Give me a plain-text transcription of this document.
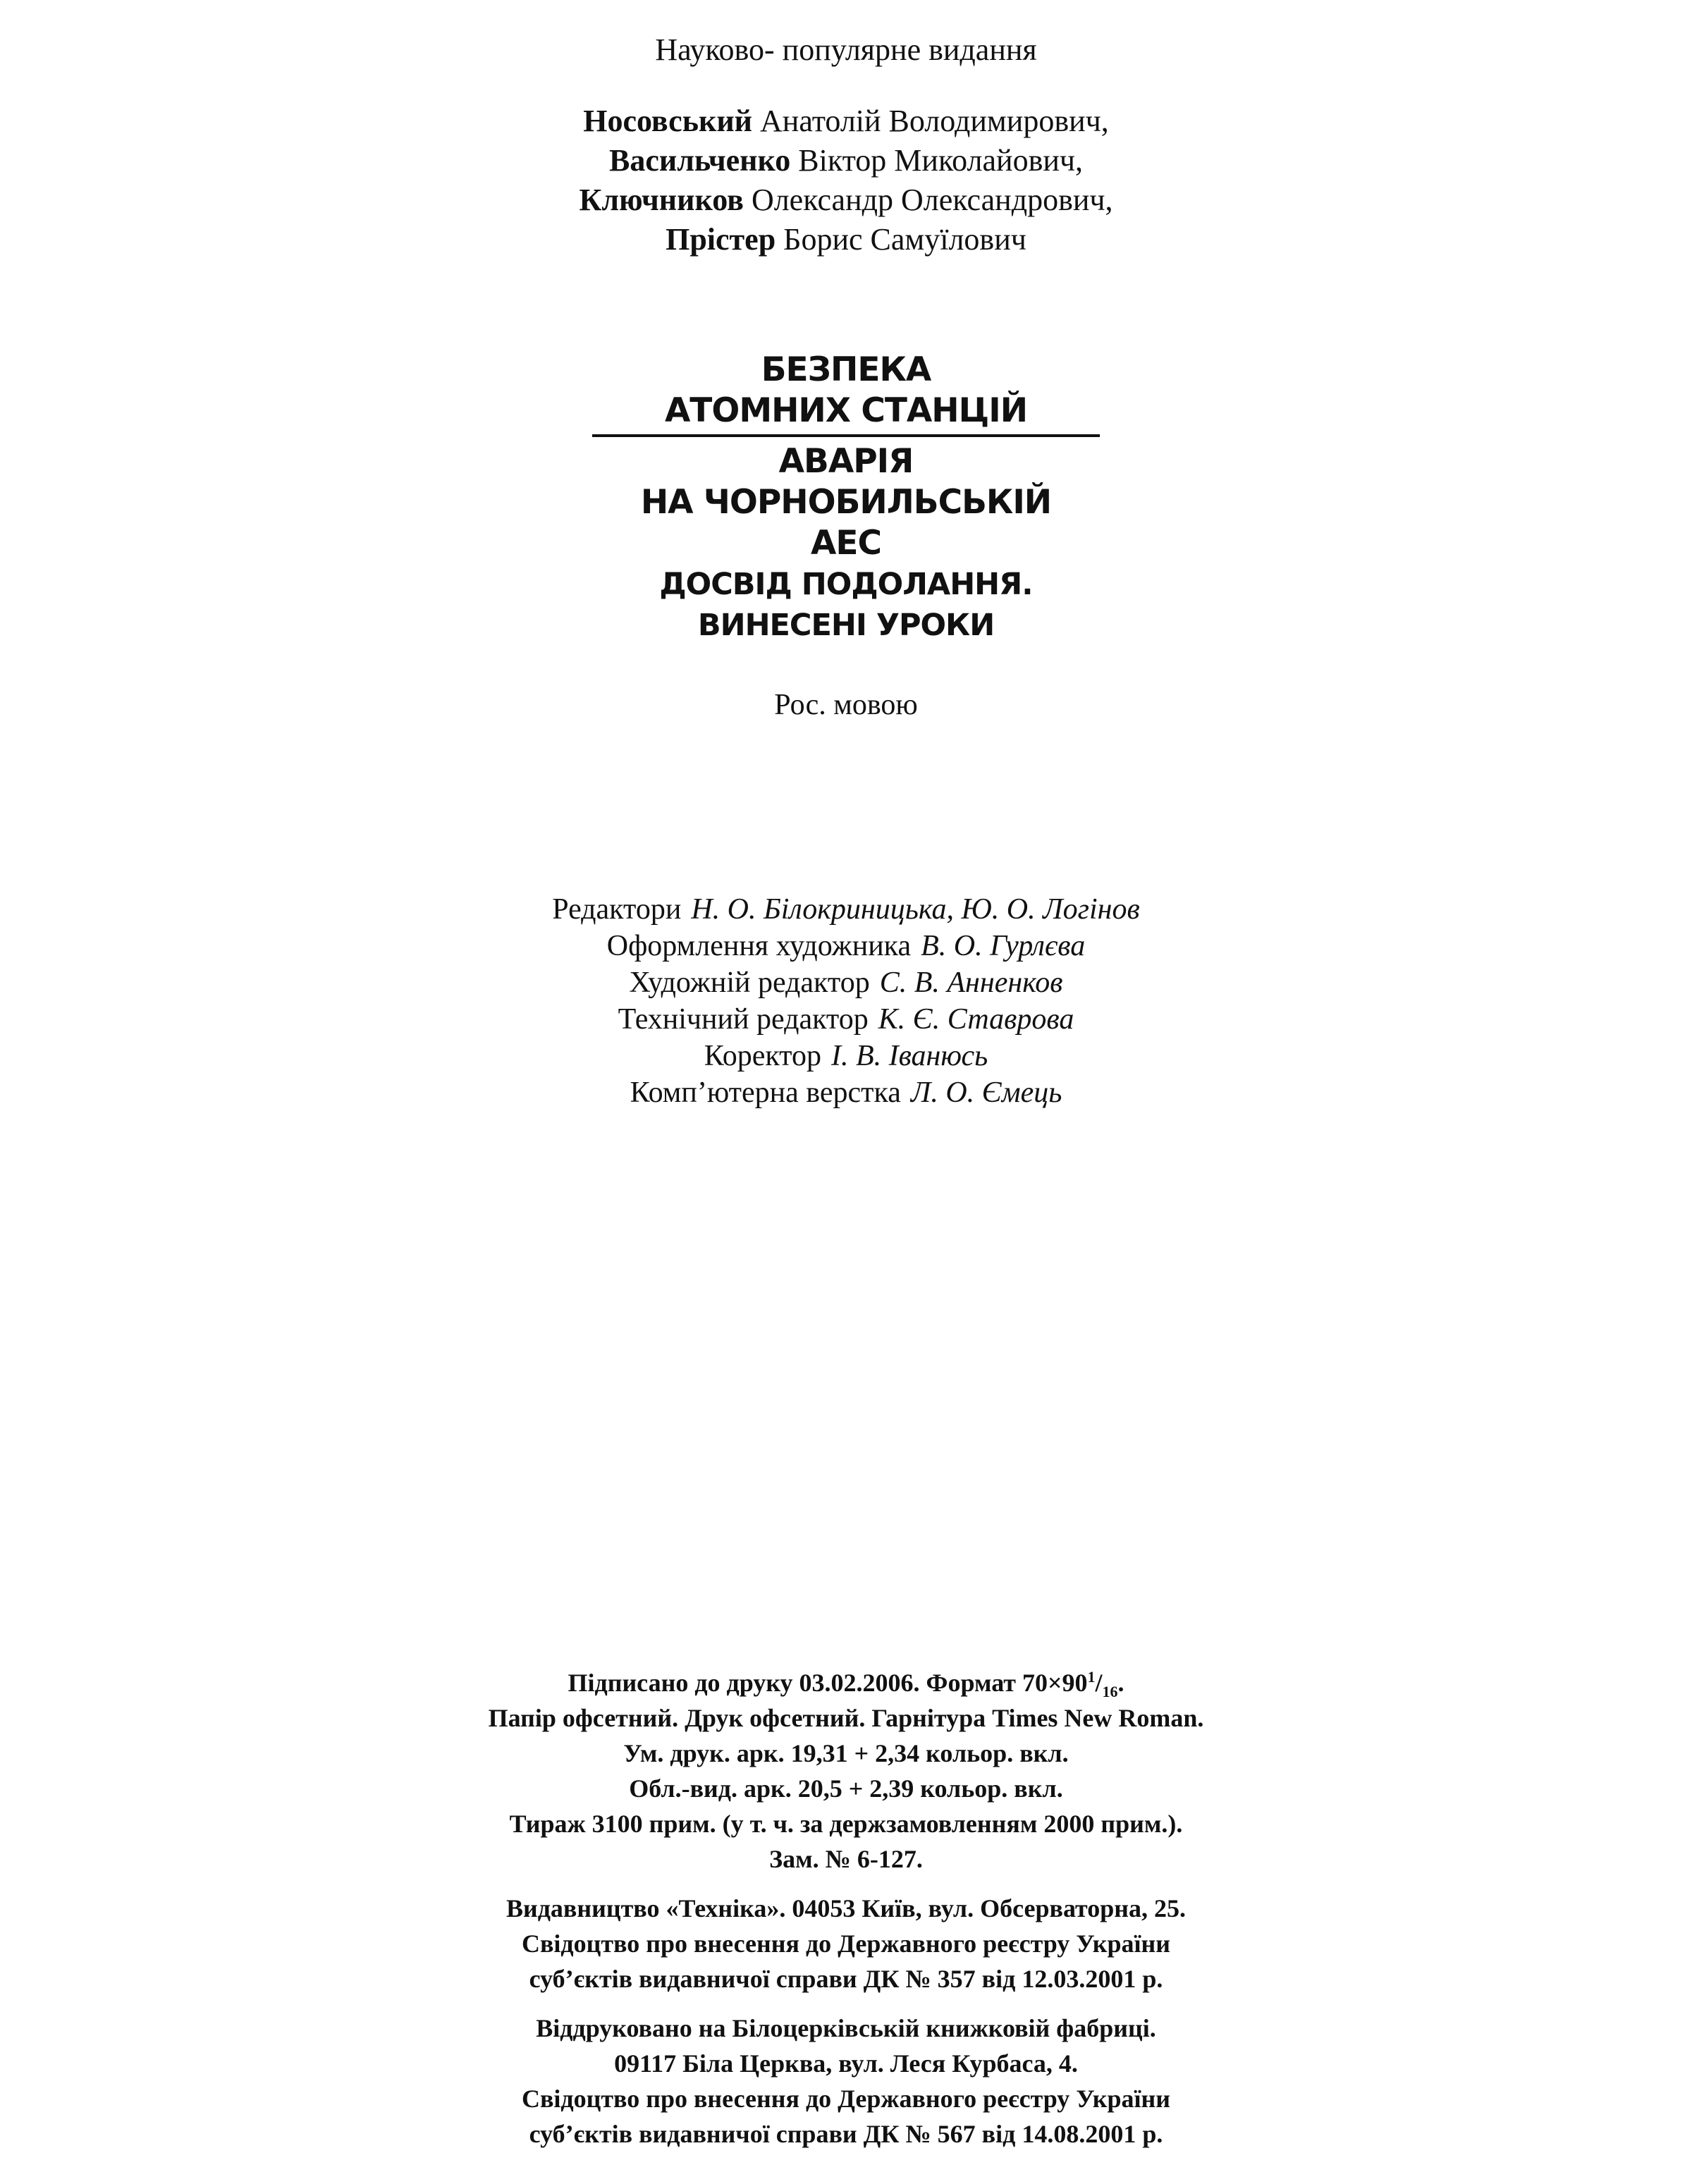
Науково- популярне видання
Носовський Анатолій Володимирович,
Васильченко Віктор Миколайович,
Ключников Олександр Олександрович,
Прістер Борис Самуїлович
БЕЗПЕКА
АТОМНИХ СТАНЦІЙ
АВАРІЯ
НА ЧОРНОБИЛЬСЬКІЙ
АЕС
ДОСВІД ПОДОЛАННЯ.
ВИНЕСЕНІ УРОКИ
Рос. мовою
Редактори Н. О. Білокриницька, Ю. О. Логінов
Оформлення художника В. О. Гурлєва
Художній редактор С. В. Анненков
Технічний редактор К. Є. Ставрова
Коректор І. В. Іванюсь
Комп’ютерна верстка Л. О. Ємець
Підписано до друку 03.02.2006. Формат $70\times 90^1/_{16}$.
Папір офсетний. Друк офсетний. Гарнітура Times New Roman.
Ум. друк. арк. 19,31 + 2,34 кольор. вкл.
Обл.-вид. арк. 20,5 + 2,39 кольор. вкл.
Тираж 3100 прим. (у т. ч. за держзамовленням 2000 прим.).
Зам. № 6-127.
Видавництво «Техніка». 04053 Київ, вул. Обсерваторна, 25.
Свідоцтво про внесення до Державного реєстру України
суб’єктів видавничої справи ДК № 357 від 12.03.2001 р.
Віддруковано на Білоцерківській книжковій фабриці.
09117 Біла Церква, вул. Леся Курбаса, 4.
Свідоцтво про внесення до Державного реєстру України
суб’єктів видавничої справи ДК № 567 від 14.08.2001 р.
